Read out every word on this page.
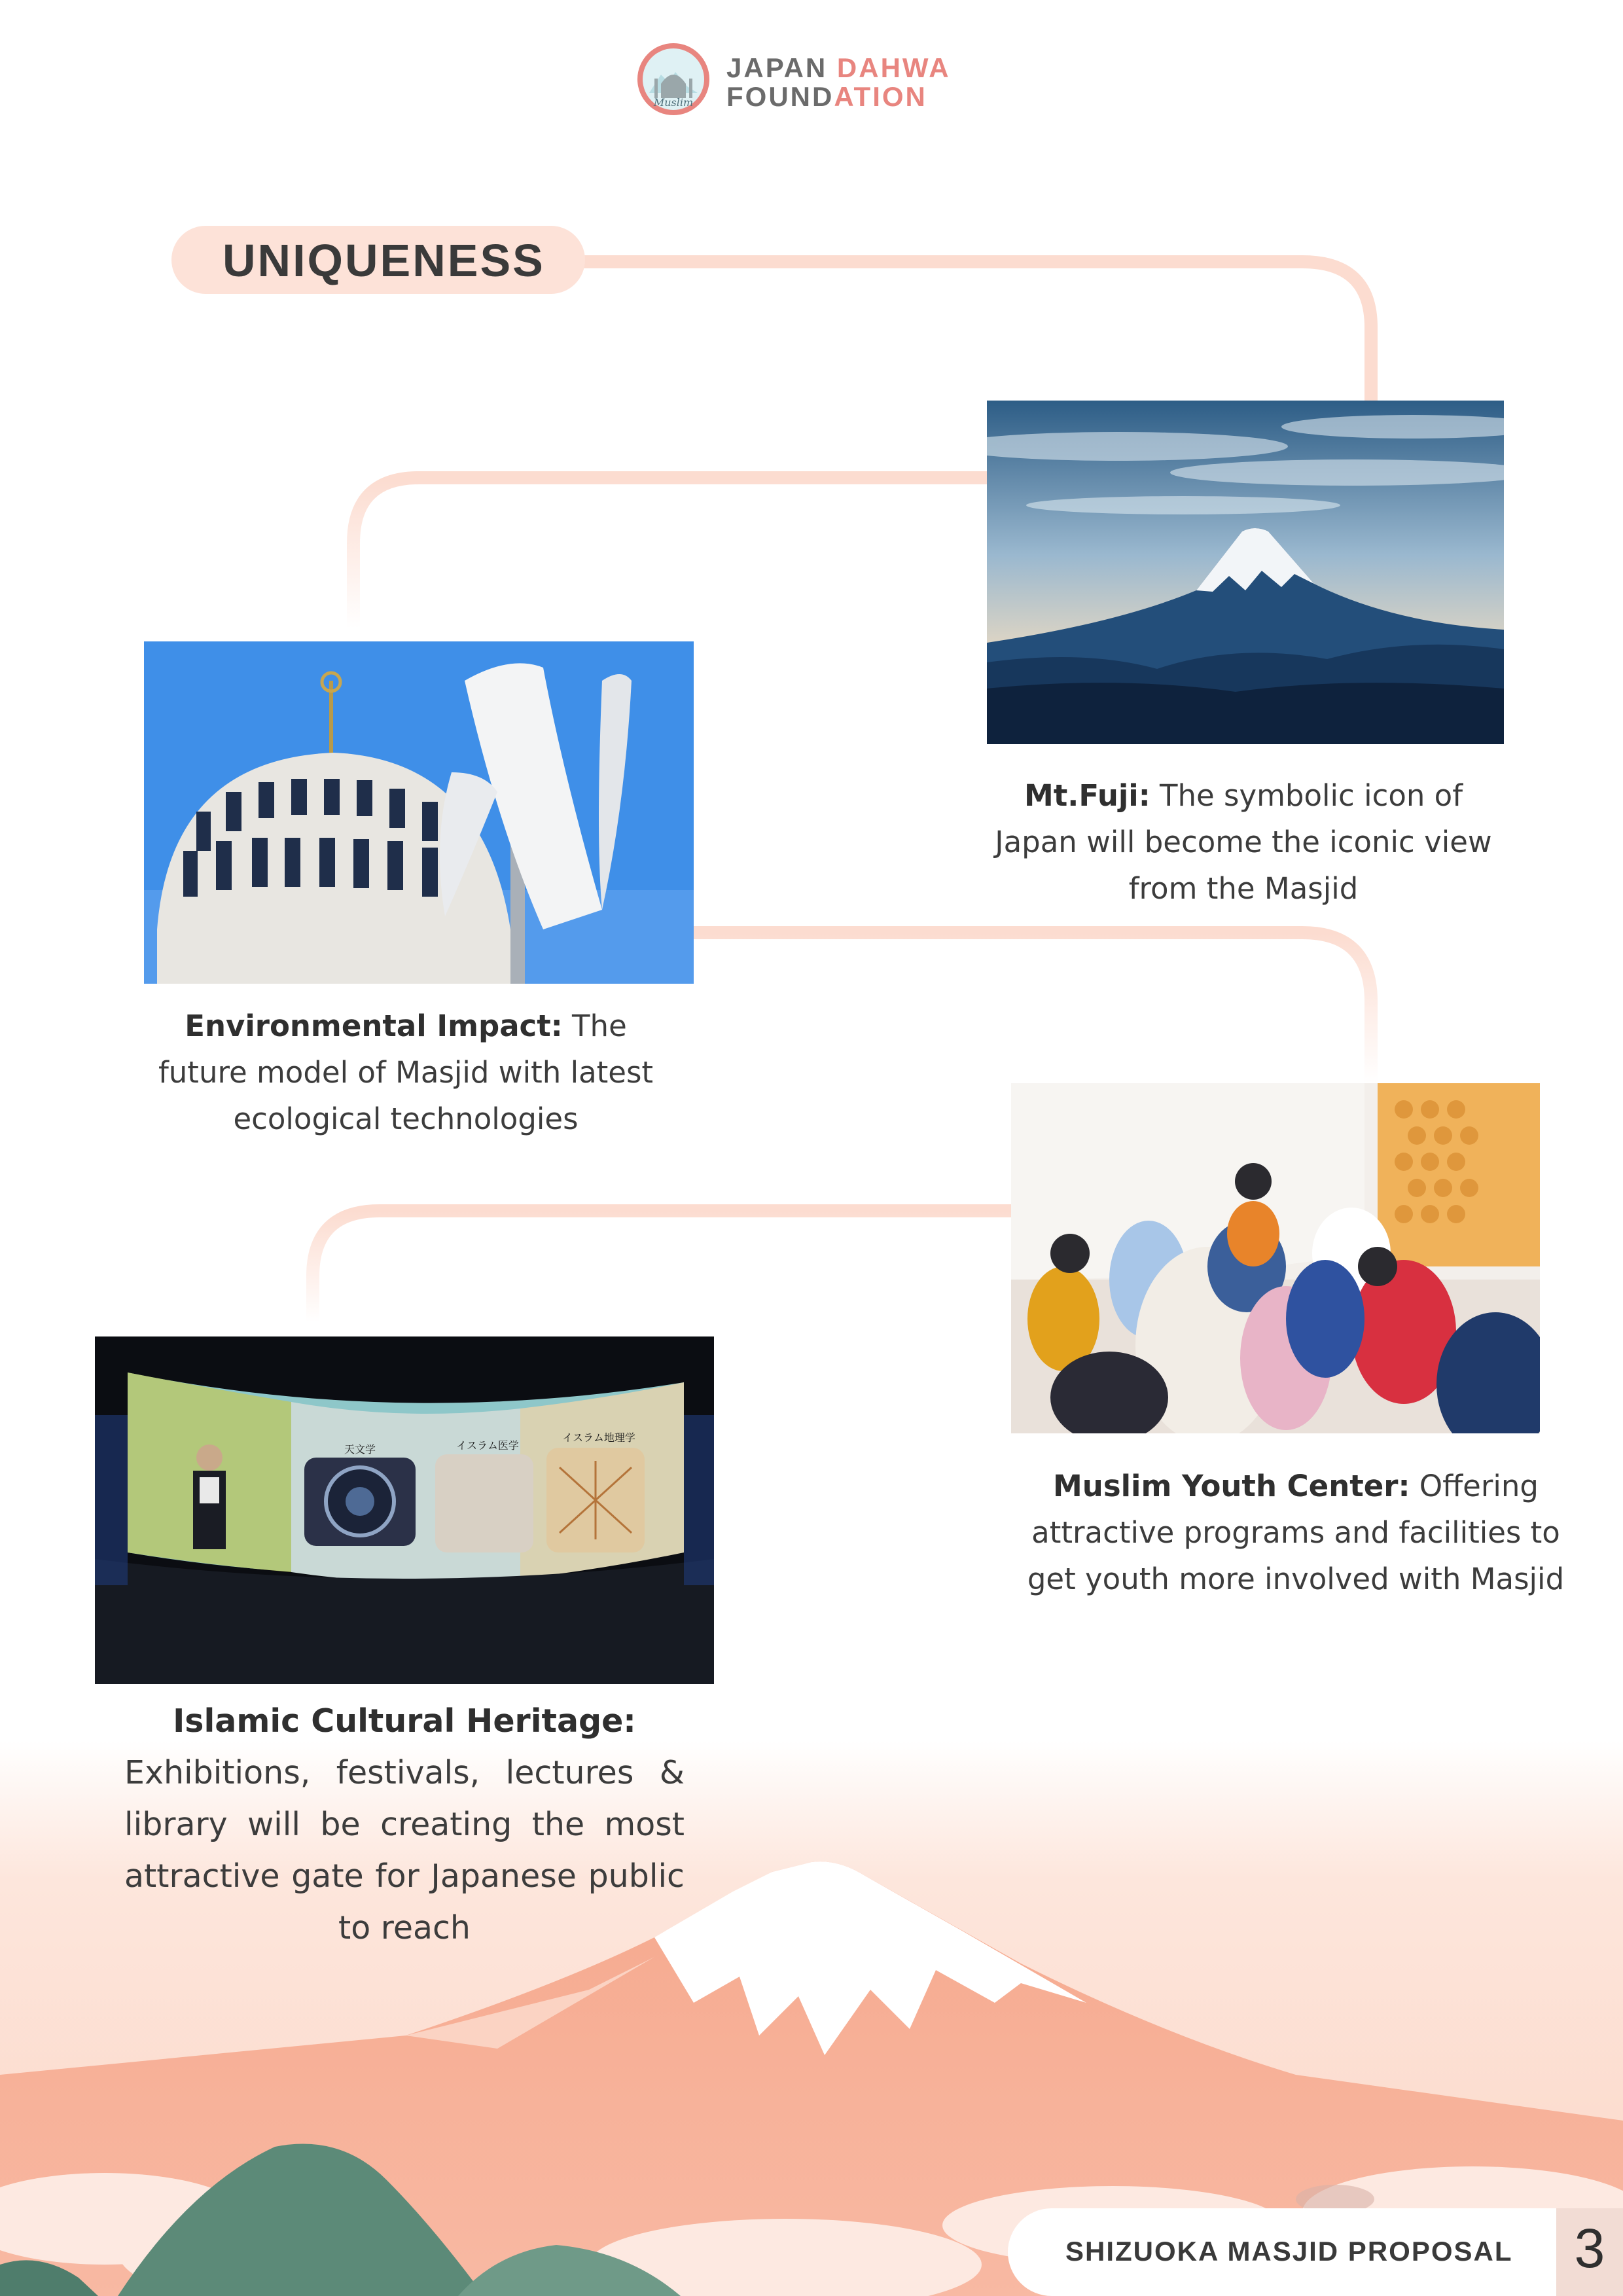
Muslim
JAPAN DAHWA
FOUNDATION
UNIQUENESS
天文学	イスラム医学
イスラム地理学
Mt.Fuji: The symbolic icon of Japan will become the iconic view from the Masjid
Environmental Impact: The future model of Masjid with latest ecological technologies
Muslim Youth Center: Offering attractive programs and facilities to get youth more involved with Masjid
Islamic Cultural Heritage:
Exhibitions, festivals, lectures & library will be creating the most attractive gate for Japanese public to reach
SHIZUOKA MASJID PROPOSAL	3
